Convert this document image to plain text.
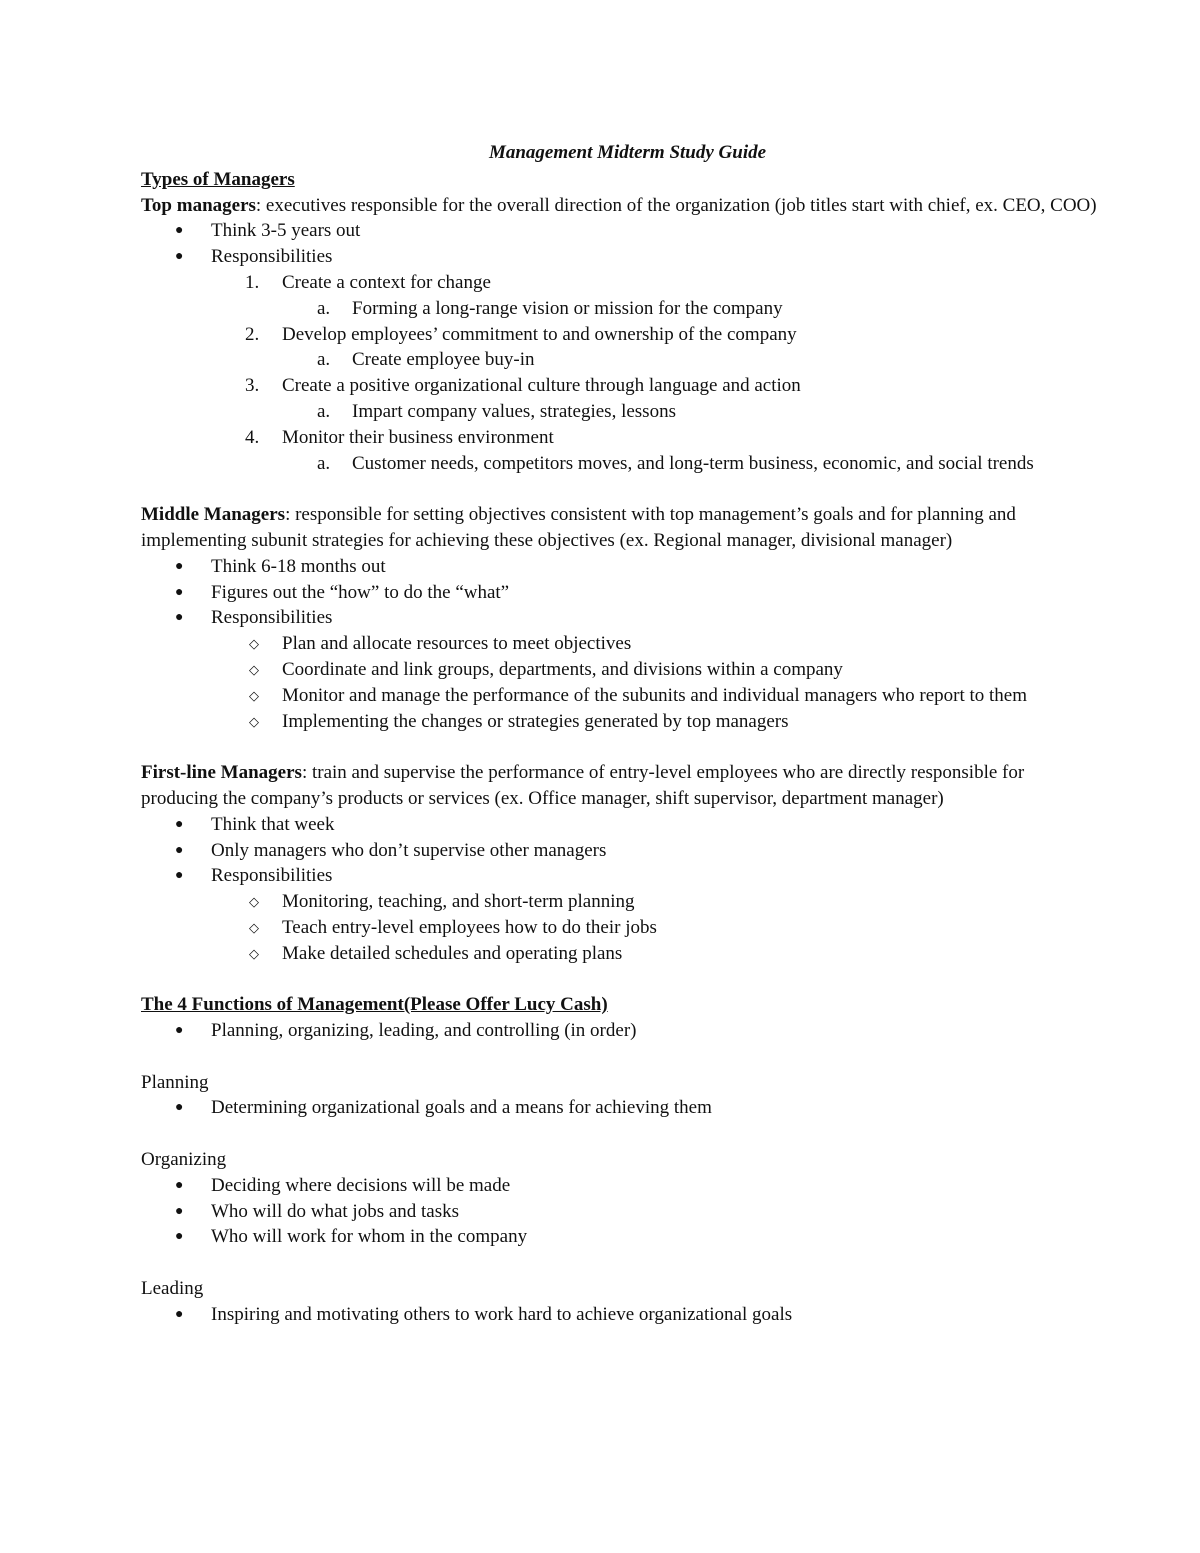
Management Midterm Study Guide
Types of Managers

Top managers: executives responsible for the overall direction of the organization (job titles start with chief, ex. CEO, COO)

● Think 3-5 years out
● Responsibilities
1. Create a context for change
a. Forming a long-range vision or mission for the company
2. Develop employees’ commitment to and ownership of the company
a. Create employee buy-in
3. Create a positive organizational culture through language and action
a. Impart company values, strategies, lessons
4. Monitor their business environment
a. Customer needs, competitors moves, and long-term business, economic, and social trends

Middle Managers: responsible for setting objectives consistent with top management’s goals and for planning and implementing subunit strategies for achieving these objectives (ex. Regional manager, divisional manager)

● Think 6-18 months out
● Figures out the “how” to do the “what”
● Responsibilities
◇ Plan and allocate resources to meet objectives
◇ Coordinate and link groups, departments, and divisions within a company
◇ Monitor and manage the performance of the subunits and individual managers who report to them
◇ Implementing the changes or strategies generated by top managers

First-line Managers: train and supervise the performance of entry-level employees who are directly responsible for producing the company’s products or services (ex. Office manager, shift supervisor, department manager)

● Think that week
● Only managers who don’t supervise other managers
● Responsibilities
◇ Monitoring, teaching, and short-term planning
◇ Teach entry-level employees how to do their jobs
◇ Make detailed schedules and operating plans
The 4 Functions of Management(Please Offer Lucy Cash)
● Planning, organizing, leading, and controlling (in order)

Planning

● Determining organizational goals and a means for achieving them

Organizing

● Deciding where decisions will be made
● Who will do what jobs and tasks
● Who will work for whom in the company

Leading

● Inspiring and motivating others to work hard to achieve organizational goals
